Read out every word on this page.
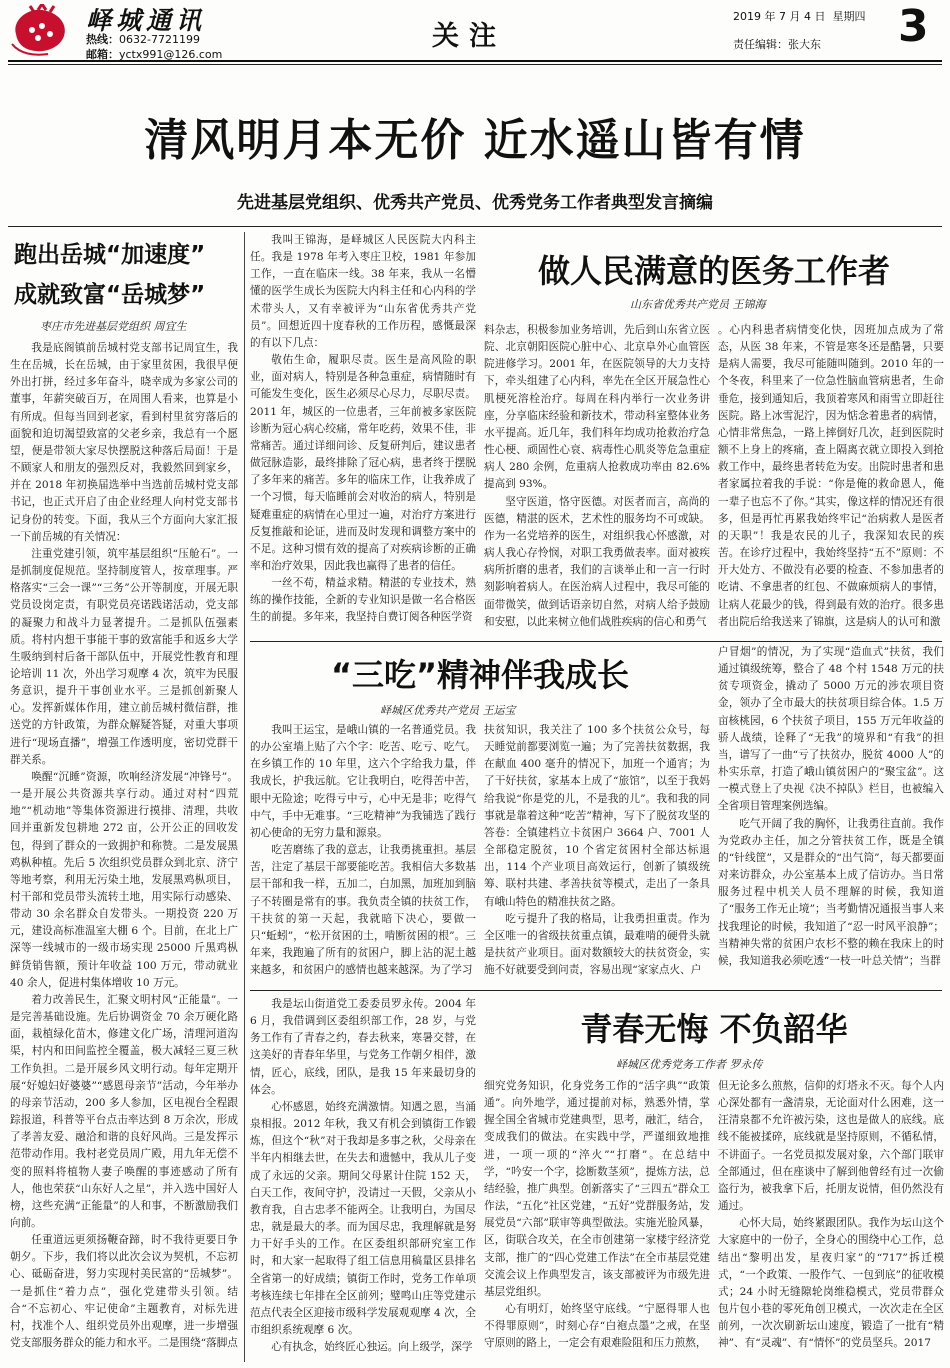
峄城通讯
热线：0632-7721199
邮箱：yctx991@126.com
关注
2019 年 7 月 4 日 星期四
责任编辑：张大东 3
清风明月本无价 近水遥山皆有情
先进基层党组织、优秀共产党员、优秀党务工作者典型发言摘编
跑出岳城“加速度”
成就致富“岳城梦”
枣庄市先进基层党组织 周宜生

我是底阁镇前岳城村党支部书记周宜生，我生在岳城，长在岳城，由于家里贫困，我很早便外出打拼，经过多年奋斗，晓幸成为多家公司的董事，年薪突破百万，在周围人看来，也算是小有所成。但每当回到老家，看到村里贫穷落后的面貌和迫切渴望致富的父老乡亲，我总有一个愿望，便是带领大家尽快摆脱这种落后局面！于是不顾家人和朋友的强烈反对，我毅然回到家乡，并在 2018 年初换届选举中当选前岳城村党支部书记，也正式开启了由企业经理人向村党支部书记身份的转变。下面，我从三个方面向大家汇报一下前岳城的有关情况：

注重党建引领，筑牢基层组织“压舱石”。一是抓制度促规范。坚持制度管人，按章理事。严格落实“三会一课”“三务”公开等制度，开展无职党员设岗定责，有职党员亮诺践诺活动，党支部的凝聚力和战斗力显著提升。二是抓队伍强素质。将村内想干事能干事的致富能手和返乡大学生吸纳到村后备干部队伍中，开展党性教育和理论培训 11 次，外出学习观摩 4 次，筑牢为民服务意识，提升干事创业水平。三是抓创新聚人心。发挥新媒体作用，建立前岳城村微信群，推送党的方针政策，为群众解疑答疑，对重大事项进行“现场直播”，增强工作透明度，密切党群干群关系。

唤醒“沉睡”资源，吹响经济发展“冲锋号”。一是开展公共资源共享行动。通过对村“四荒地”“机动地”等集体资源进行摸排、清理，共收回并重新发包耕地 272 亩，公开公正的回收发包，得到了群众的一致拥护和称赞。二是发展黑鸡枞种植。先后 5 次组织党员群众到北京、济宁等地考察，利用无污染土地，发展黑鸡枞项目，村干部和党员带头流转土地，用实际行动感染、带动 30 余名群众自发带头。一期投资 220 万元，建设高标准温室大棚 6 个。目前，在北上广深等一线城市的一级市场实现 25000 斤黑鸡枞鲜货销售额，预计年收益 100 万元，带动就业 40 余人，促进村集体增收 10 万元。

着力改善民生，汇聚文明村风“正能量”。一是完善基础设施。先后协调资金 70 余万硬化路面，栽植绿化苗木，修建文化广场，清理河道沟渠，村内和田间监控全覆盖，极大减轻三夏三秋工作负担。二是开展乡风文明行动。每年定期开展“好媳妇好婆婆”“感恩母亲节”活动，今年举办的母亲节活动，200 多人参加，区电视台全程跟踪报道，科普等平台点击率达到 8 万余次，形成了孝善友爱、融洽和谐的良好风尚。三是发挥示范带动作用。我村老党员周广殿，用九年无偿不变的照料将植物人妻子唤醒的事迹感动了所有人，他也荣获“山东好人之星”，并入选中国好人榜，这些充满“正能量”的人和事，不断激励我们向前。

任重道远更须扬鞭奋蹄，时不我待更要日争朝夕。下步，我们将以此次会议为契机，不忘初心、砥砺奋进，努力实现村美民富的“岳城梦”。一是抓住“着力点”，强化党建带头引领。结合“不忘初心、牢记使命”主题教育，对标先进村，找准个人、组织党员外出观摩，进一步增强党支部服务群众的能力和水平。二是围绕“落脚点

做人民满意的医务工作者
山东省优秀共产党员 王锦海

我叫王锦海，是峄城区人民医院大内科主任。我是 1978 年考入枣庄卫校，1981 年参加工作，一直在临床一线。38 年来，我从一名懵懂的医学生成长为医院大内科主任和心内科的学术带头人，又有幸被评为“山东省优秀共产党员”。回想近四十度春秋的工作历程，感慨最深的有以下几点：

敬佑生命，履职尽责。医生是高风险的职业，面对病人，特别是各种急重症，病情随时有可能发生变化，医生必须尽心尽力，尽职尽责。2011 年，城区的一位患者，三年前被多家医院诊断为冠心病心绞痛，常年吃药，效果不佳，非常痛苦。通过详细问诊、反复研判后，建议患者做冠脉造影，最终排除了冠心病，患者终于摆脱了多年来的痛苦。多年的临床工作，让我养成了一个习惯，每天临睡前会对收治的病人，特别是疑难重症的病情在心里过一遍，对治疗方案进行反复推敲和论证，进而及时发现和调整方案中的不足。这种习惯有效的提高了对疾病诊断的正确率和治疗效果，因此我也赢得了患者的信任。

一丝不苟，精益求精。精湛的专业技术，熟练的操作技能，全新的专业知识是做一名合格医生的前提。多年来，我坚持自费订阅各种医学资

料杂志，积极参加业务培训，先后到山东省立医院、北京朝阳医院心脏中心、北京阜外心血管医院进修学习。2001 年，在医院领导的大力支持下，牵头组建了心内科，率先在全区开展急性心肌梗死溶栓治疗。每周在科内举行一次业务讲座，分享临床经验和新技术，带动科室整体业务水平提高。近几年，我们科年均成功抢救治疗急性心梗、顽固性心衰、病毒性心肌炎等危急重症病人 280 余例，危重病人抢救成功率由 82.6% 提高到 93%。

坚守医道，恪守医德。对医者而言，高尚的医德，精湛的医术，艺术性的服务均不可或缺。作为一名党培养的医生，对组织我心怀感激，对病人我心存怜悯，对职工我勇做表率。面对被疾病所折磨的患者，我们的言谈举止和一言一行时刻影响着病人。在医治病人过程中，我尽可能的面带微笑，做到话语亲切自然，对病人给予鼓励和安慰，以此来树立他们战胜疾病的信心和勇气

。心内科患者病情变化快，因班加点成为了常态，从医 38 年来，不管是寒冬还是酷暑，只要是病人需要，我尽可能随叫随到。2010 年的一个冬夜，科里来了一位急性脑血管病患者，生命垂危，接到通知后，我顶着寒风和雨雪立即赶往医院。路上冰雪泥泞，因为惦念着患者的病情，心情非常焦急，一路上摔倒好几次，赶到医院时额不上身上的疼痛，查上隔离衣就立即投入到抢救工作中，最终患者转危为安。出院时患者和患者家属拉着我的手说：“你是俺的救命恩人，俺一辈子也忘不了你。”其实，像这样的情况还有很多，但是再忙再累我始终牢记“治病救人是医者的天职”！我是农民的儿子，我深知农民的疾苦。在诊疗过程中，我始终坚持“五不”原则：不开大处方、不做没有必要的检查、不参加患者的吃请、不拿患者的红包、不做麻烦病人的事情，让病人花最少的钱，得到最有效的治疗。很多患者出院后给我送来了锦旗，这是病人的认可和激

“三吃”精神伴我成长
峄城区优秀共产党员 王运宝

我叫王运宝，是峨山镇的一名普通党员。我的办公室墙上贴了六个字：吃苦、吃亏、吃气。在乡镇工作的 10 年里，这六个字给我力量，伴我成长，护我远航。它让我明白，吃得苦中苦，眼中无险途；吃得亏中亏，心中无是非；吃得气中气，手中无难事。“三吃精神”为我铺选了践行初心使命的无穷力量和源泉。

吃苦磨练了我的意志，让我勇挑重担。基层苦，注定了基层干部要能吃苦。我相信大多数基层干部和我一样，五加二，白加黑，加班加到脑子不转圈是常有的事。我负责全镇的扶贫工作，干扶贫的第一天起，我就暗下决心，要做一只“蚯蚓”，“松开贫困的土，啃断贫困的根”。三年来，我跑遍了所有的贫困户，脚上沾的泥土越来越多，和贫困户的感情也越来越深。为了学习

扶贫知识，我关注了 100 多个扶贫公众号，每天睡觉前都要浏览一遍；为了完善扶贫数据，我在献血 400 毫升的情况下，加班一个通宵；为了干好扶贫，家基本上成了“旅馆”，以至于我妈给我说“你是党的儿，不是我的儿”。我和我的同事就是靠着这种“吃苦”精神，写下了脱贫攻坚的答卷：全镇建档立卡贫困户 3664 户、7001 人全部稳定脱贫，10 个省定贫困村全部达标退出，114 个产业项目高效运行，创新了镇级统筹、联村共建、孝善扶贫等模式，走出了一条具有峨山特色的精准扶贫之路。

吃亏提升了我的格局，让我勇担重责。作为全区唯一的省级扶贫重点镇，最难啃的硬骨头就是扶贫产业项目。面对数额较大的扶贫资金，实施不好就要受到问责，容易出现“家家点火、户

户冒烟”的情况，为了实现“造血式”扶贫，我们通过镇级统筹，整合了 48 个村 1548 万元的扶贫专项资金，撬动了 5000 万元的涉农项目资金，领办了全市最大的扶贫项目综合体。1.5 万亩核桃园，6 个扶贫子项目，155 万元年收益的骄人战绩，诠释了“无我”的境界和“有我”的担当，谱写了一曲“亏了扶贫办，脱贫 4000 人”的朴实乐章，打造了峨山镇贫困户的“聚宝盆”。这一模式登上了央视《决不掉队》栏目，也被编入全省项目管理案例选编。

吃气开阔了我的胸怀，让我勇往直前。我作为党政办主任，加之分管扶贫工作，既是全镇的“针线筐”，又是群众的“出气筒”，每天都要面对来访群众，办公室基本上成了信访办。当日常服务过程中机关人员不理解的时候，我知道了“服务工作无止境”；当考勤情况通报当事人来找我理论的时候，我知道了“忍一时风平浪静”；当精神失常的贫困户农杉不整的赖在我床上的时候，我知道我必须吃透“一枝一叶总关情”；当群

青春无悔 不负韶华
峄城区优秀党务工作者 罗永传

我是坛山街道党工委委员罗永传。2004 年 6 月，我借调到区委组织部工作，28 岁，与党务工作有了青春之约，春去秋来，寒暑交替，在这美好的青春年华里，与党务工作朝夕相伴，激情，匠心，底线，团队，是我 15 年来最切身的体会。

心怀感恩，始终充满激情。知遇之恩，当涌泉相报。2012 年秋，我又有机会到镇街工作锻炼，但这个“秋”对于我却是多事之秋，父母亲在半年内相继去世，在失去和遗憾中，我从儿子变成了永远的父亲。期间父母累计住院 152 天，白天工作，夜间守护，没请过一天假，父亲从小教育我，自古忠孝不能两全。让我明白，为国尽忠，就是最大的孝。而为国尽忠，我理解就是努力干好手头的工作。在区委组织部研究室工作时，和大家一起取得了组工信息用稿量区县排名全省第一的好成绩；镇街工作时，党务工作单项考核连续七年排在全区前列；璧鸣山庄等党建示范点代表全区迎接市级科学发展观观摩 4 次，全市组织系统观摩 6 次。

心有执念，始终匠心独运。向上级学，深学

细究党务知识，化身党务工作的“活字典”“政策通”。向外地学，通过提前对标，熟悉外情，掌握全国全省城市党建典型，思考，融汇，结合，变成我们的做法。在实践中学，严谨细致地推进，一项一项的“淬火”“打磨”。在总结中学，“吟安一个字，捻断数茎须”，提炼方法，总结经验，推广典型。创新落实了“三四五”群众工作法，“五化”社区党建，“五好”党群服务站，发展党员“六部”联审等典型做法。实施光脸风暴，区，街联合攻关，在全市创建第一家楼宇经济党支部，推广的“四心党建工作法”在全市基层党建交流会议上作典型发言，该支部被评为市级先进基层党组织。

心有明灯，始终坚守底线。“宁愿得罪人也不得罪原则”，时刻心存“白袍点墨”之戒，在坚守原则的路上，一定会有艰难险阻和压力煎熬，

但无论多么煎熬，信仰的灯塔永不灭。每个人内心深处都有一盏清泉，无论面对什么困难，这一汪清泉都不允许被污染，这也是做人的底线。底线不能被揉碎，底线就是坚持原则，不循私情，不讲面子。一名党员拟发展对象，六个部门联审全部通过，但在座谈中了解到他曾经有过一次偷盗行为，被我拿下后，托朋友说情，但仍然没有通过。

心怀大局，始终紧跟团队。我作为坛山这个大家庭中的一份子，全身心的围绕中心工作，总结出“黎明出发，星夜归家”的“717”拆迁模式，“一个政策、一股作气、一包到底”的征收模式；24 小时无缝隙轮岗维稳模式，党员带群众包片包小巷的零死角创卫模式，一次次走在全区前列，一次次刷新坛山速度，锻造了一批有“精神”、有“灵魂”、有“情怀”的党员坚兵。2017
